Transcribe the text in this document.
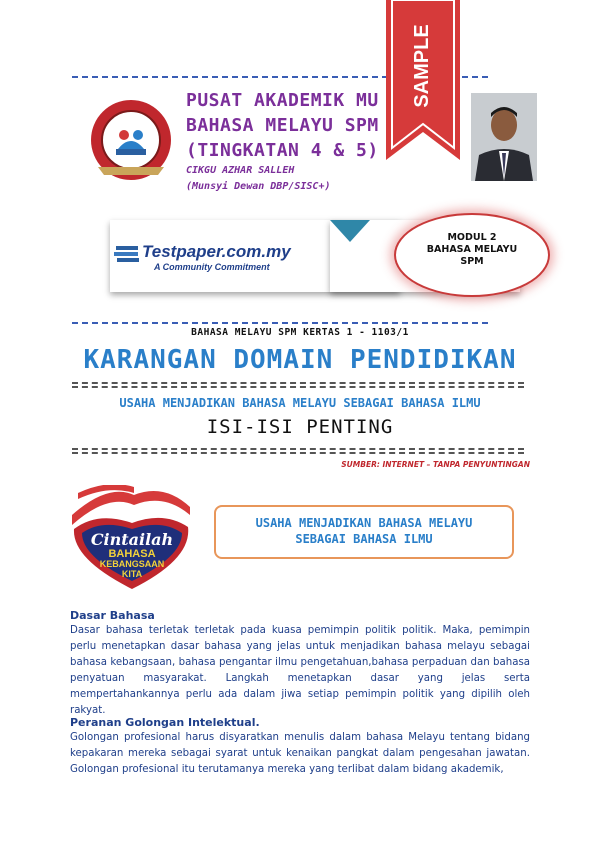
PUSAT AKADEMIK MU
BAHASA MELAYU SPM
(TINGKATAN 4 & 5)
CIKGU AZHAR SALLEH
(Munsyi Dewan DBP/SISC+)
SAMPLE
Testpaper.com.my
A Community Commitment
MODUL 2
BAHASA MELAYU
SPM
BAHASA MELAYU SPM KERTAS 1 - 1103/1
KARANGAN DOMAIN PENDIDIKAN
USAHA MENJADIKAN BAHASA MELAYU SEBAGAI BAHASA ILMU
ISI-ISI PENTING
SUMBER: INTERNET – TANPA PENYUNTINGAN
Cintailah
BAHASA
KEBANGSAAN
KITA
USAHA MENJADIKAN BAHASA MELAYU
SEBAGAI BAHASA ILMU
Dasar Bahasa
Dasar bahasa terletak terletak pada kuasa pemimpin politik politik. Maka, pemimpin perlu menetapkan dasar bahasa yang jelas untuk menjadikan bahasa melayu sebagai bahasa kebangsaan, bahasa pengantar ilmu pengetahuan,bahasa perpaduan dan bahasa penyatuan masyarakat. Langkah menetapkan dasar yang jelas serta mempertahankannya perlu ada dalam jiwa setiap pemimpin politik yang dipilih oleh rakyat.
Peranan Golongan Intelektual.
Golongan profesional harus disyaratkan menulis dalam bahasa Melayu tentang bidang kepakaran mereka sebagai syarat untuk kenaikan pangkat dalam pengesahan jawatan. Golongan profesional itu terutamanya mereka yang terlibat dalam bidang akademik,
